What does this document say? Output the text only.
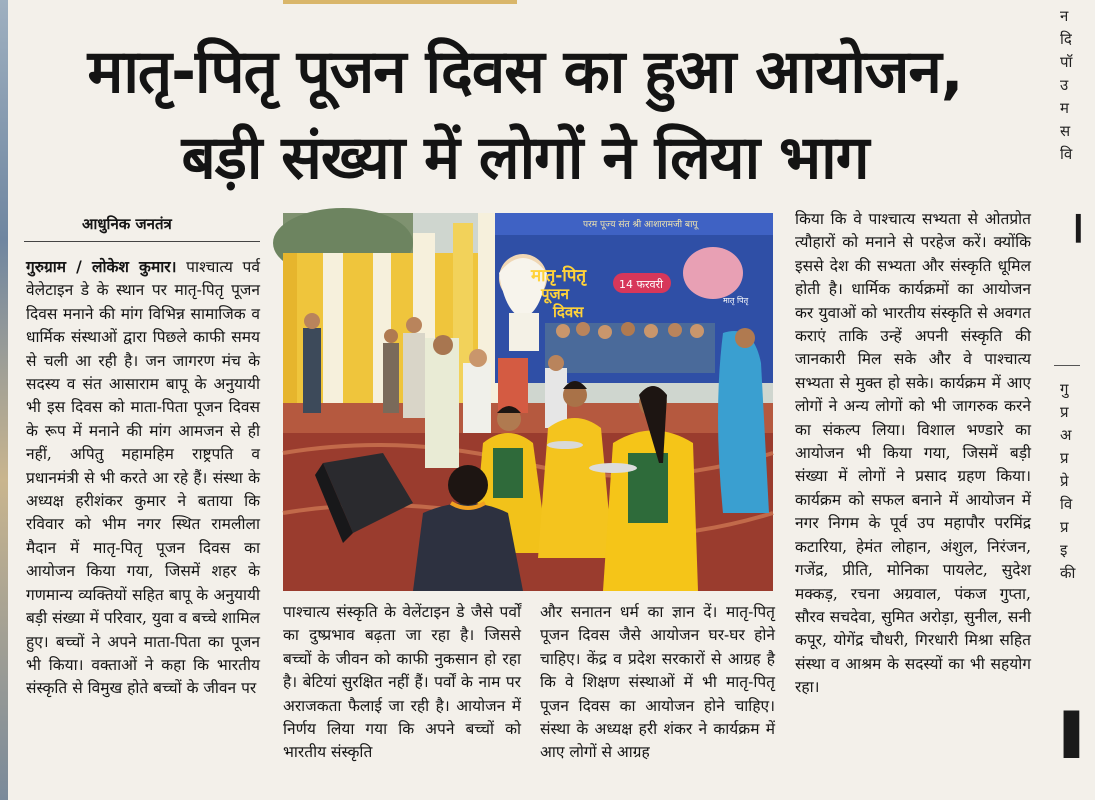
मातृ-पितृ पूजन दिवस का हुआ आयोजन,
बड़ी संख्या में लोगों ने लिया भाग
आधुनिक जनतंत्र
गुरुग्राम / लोकेश कुमार। पाश्चात्य पर्व वेलेटाइन डे के स्थान पर मातृ-पितृ पूजन दिवस मनाने की मांग विभिन्न सामाजिक व धार्मिक संस्थाओं द्वारा पिछले काफी समय से चली आ रही है। जन जागरण मंच के सदस्य व संत आसाराम बापू के अनुयायी भी इस दिवस को माता-पिता पूजन दिवस के रूप में मनाने की मांग आमजन से ही नहीं, अपितु महामहिम राष्ट्रपति व प्रधानमंत्री से भी करते आ रहे हैं। संस्था के अध्यक्ष हरीशंकर कुमार ने बताया कि रविवार को भीम नगर स्थित रामलीला मैदान में मातृ-पितृ पूजन दिवस का आयोजन किया गया, जिसमें शहर के गणमान्य व्यक्तियों सहित बापू के अनुयायी बड़ी संख्या में परिवार, युवा व बच्चे शामिल हुए। बच्चों ने अपने माता-पिता का पूजन भी किया। वक्ताओं ने कहा कि भारतीय संस्कृति से विमुख होते बच्चों के जीवन पर
परम पूज्य संत श्री आशारामजी बापू
मातृ-पितृ
पूजन
दिवस
14 फरवरी
मातृ पितृ
पाश्चात्य संस्कृति के वेलेंटाइन डे जैसे पर्वों का दुष्प्रभाव बढ़ता जा रहा है। जिससे बच्चों के जीवन को काफी नुकसान हो रहा है। बेटियां सुरक्षित नहीं हैं। पर्वों के नाम पर अराजकता फैलाई जा रही है। आयोजन में निर्णय लिया गया कि अपने बच्चों को भारतीय संस्कृति
और सनातन धर्म का ज्ञान दें। मातृ-पितृ पूजन दिवस जैसे आयोजन घर-घर होने चाहिए। केंद्र व प्रदेश सरकारों से आग्रह है कि वे शिक्षण संस्थाओं में भी मातृ-पितृ पूजन दिवस का आयोजन होने चाहिए। संस्था के अध्यक्ष हरी शंकर ने कार्यक्रम में आए लोगों से आग्रह
किया कि वे पाश्चात्य सभ्यता से ओतप्रोत त्यौहारों को मनाने से परहेज करें। क्योंकि इससे देश की सभ्यता और संस्कृति धूमिल होती है। धार्मिक कार्यक्रमों का आयोजन कर युवाओं को भारतीय संस्कृति से अवगत कराएं ताकि उन्हें अपनी संस्कृति की जानकारी मिल सके और वे पाश्चात्य सभ्यता से मुक्त हो सके। कार्यक्रम में आए लोगों ने अन्य लोगों को भी जागरुक करने का संकल्प लिया। विशाल भण्डारे का आयोजन भी किया गया, जिसमें बड़ी संख्या में लोगों ने प्रसाद ग्रहण किया। कार्यक्रम को सफल बनाने में आयोजन में नगर निगम के पूर्व उप महापौर परमिंद्र कटारिया, हेमंत लोहान, अंशुल, निरंजन, गजेंद्र, प्रीति, मोनिका पायलेट, सुदेश मक्कड़, रचना अग्रवाल, पंकज गुप्ता, सौरव सचदेवा, सुमित अरोड़ा, सुनील, सनी कपूर, योगेंद्र चौधरी, गिरधारी मिश्रा सहित संस्था व आश्रम के सदस्यों का भी सहयोग रहा।
।
▌
न
दि
पॉ
उ
म
स
वि
गु
प्र
अ
प्र
प्रे
वि
प्र
इ
की
